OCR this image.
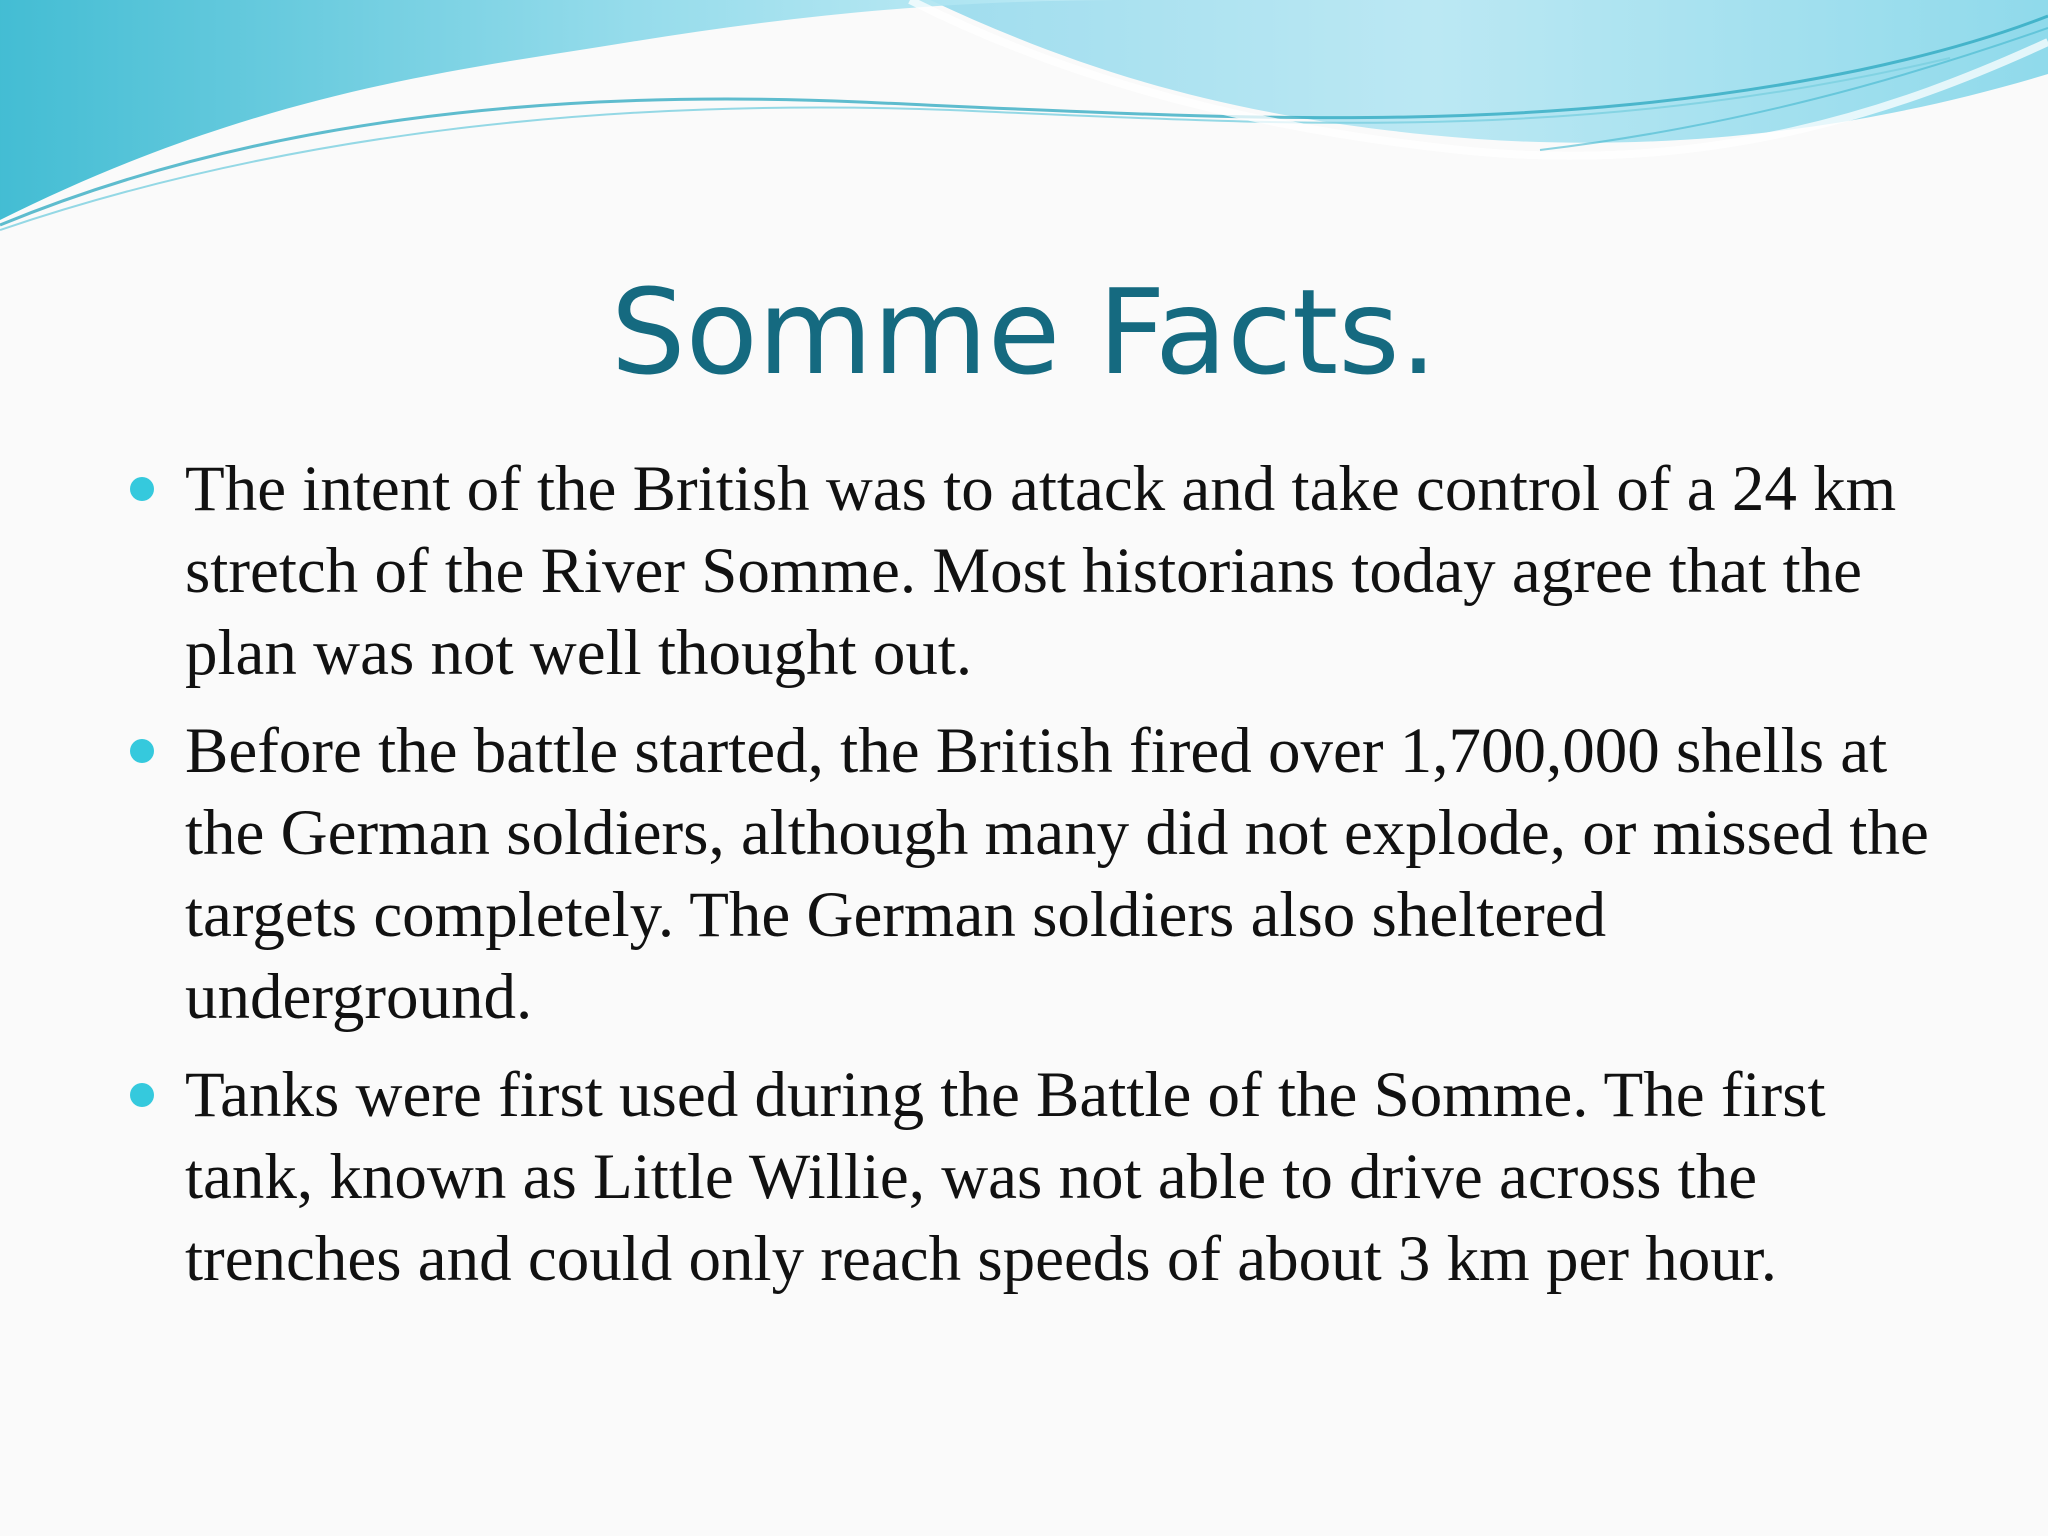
Somme Facts.
The intent of the British was to attack and take control of a 24 km stretch of the River Somme. Most historians today agree that the plan was not well thought out.
Before the battle started, the British fired over 1,700,000 shells at the German soldiers, although many did not explode, or missed the targets completely. The German soldiers also sheltered underground.
Tanks were first used during the Battle of the Somme. The first tank, known as Little Willie, was not able to drive across the trenches and could only reach speeds of about 3 km per hour.
